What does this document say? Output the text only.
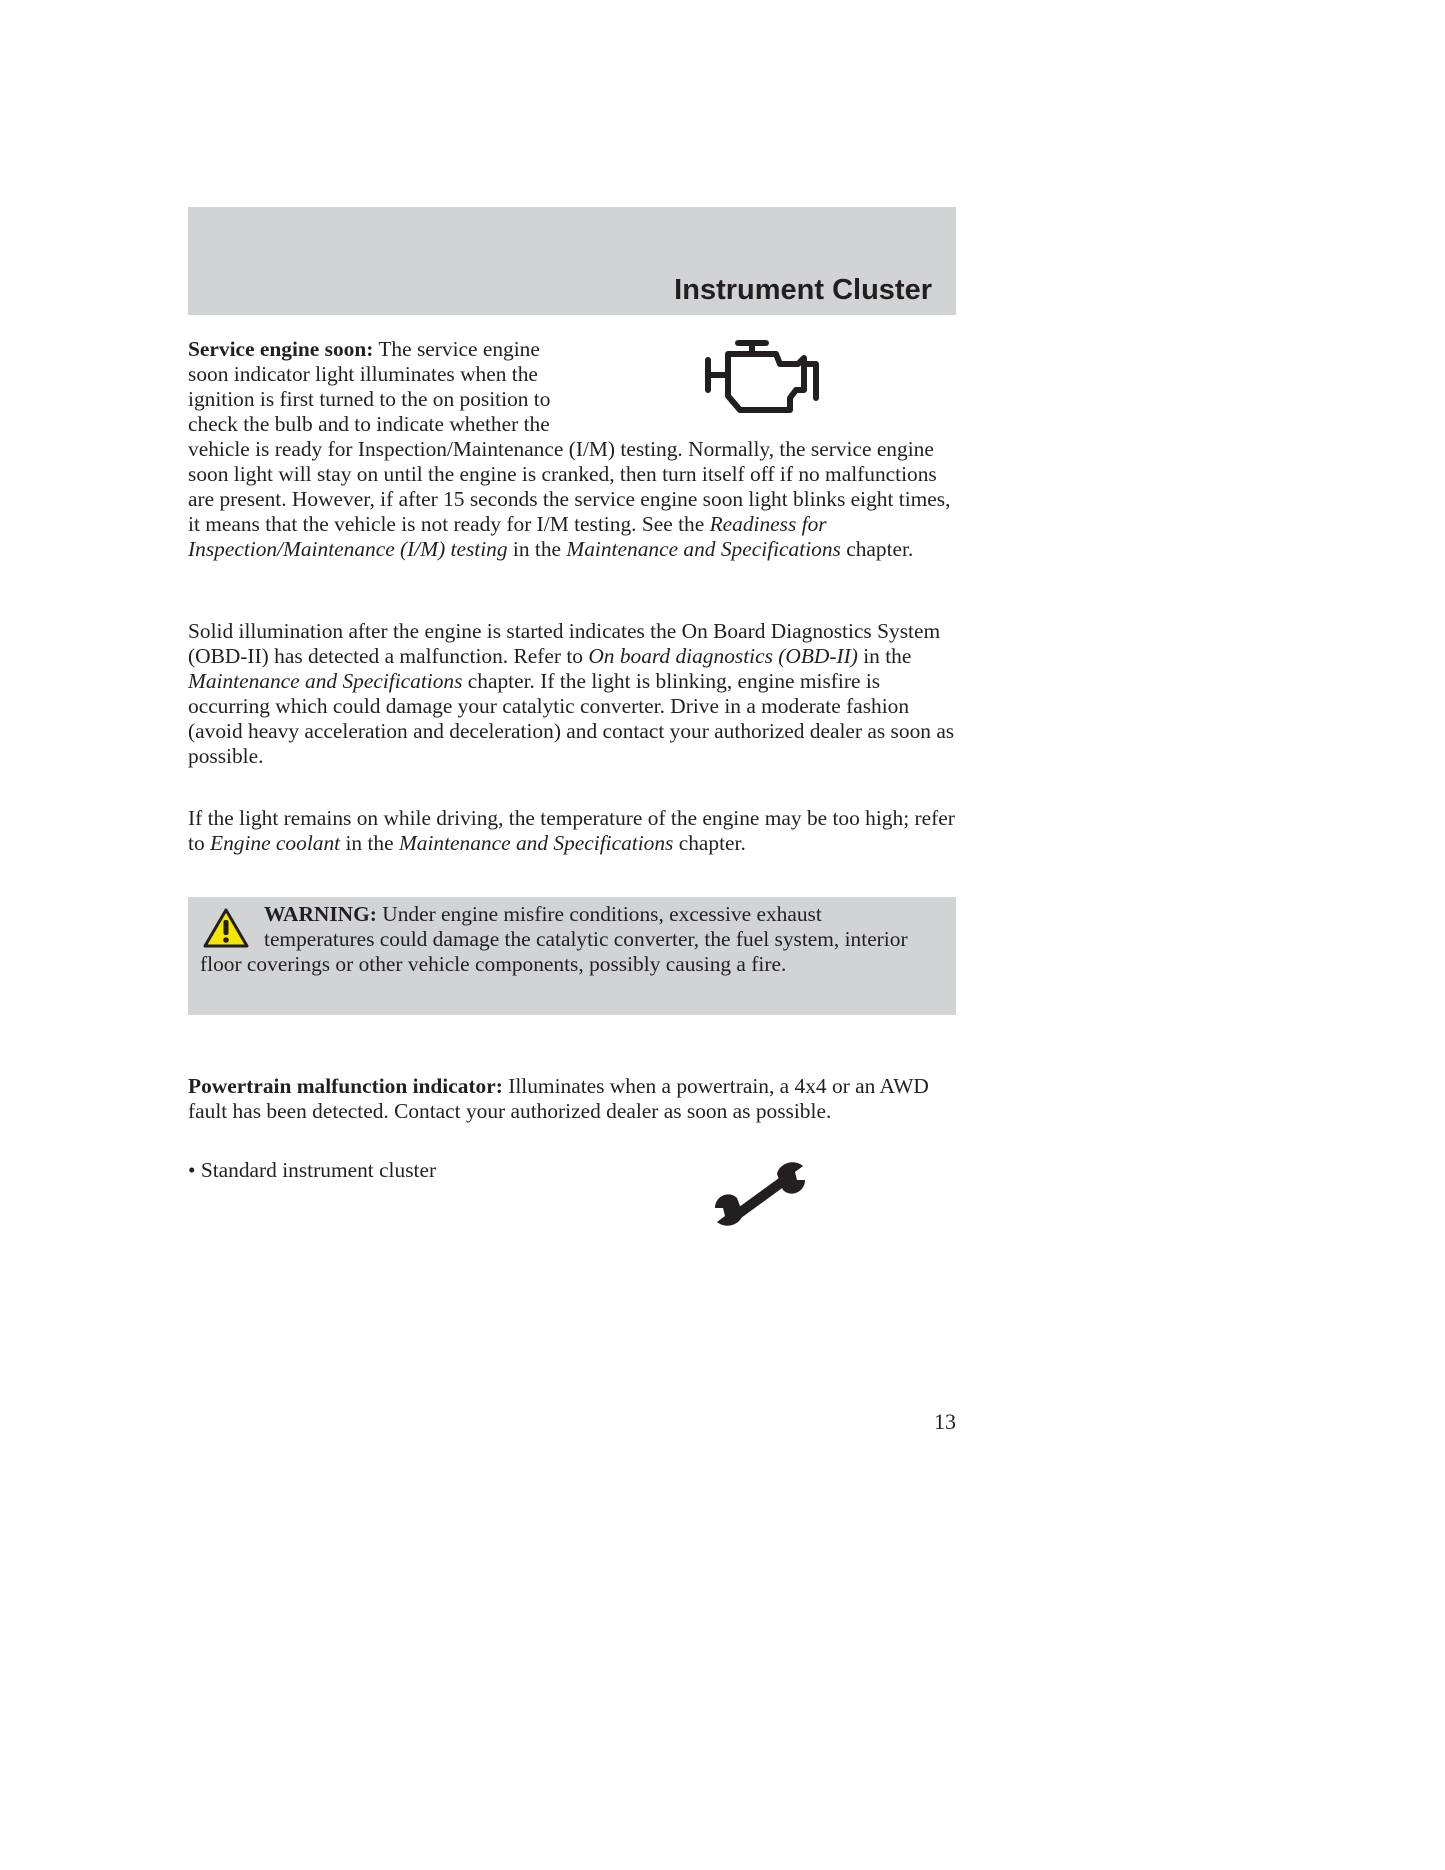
Instrument Cluster

Service engine soon:
The service engine soon indicator light illuminates when the ignition is first turned to the on position to check the bulb and to indicate whether the vehicle is ready for Inspection/Maintenance (I/M) testing. Normally, the service engine soon light will stay on until the engine is cranked, then turn itself off if no malfunctions are present. However, if after 15 seconds the service engine soon light blinks eight times, it means that the vehicle is not ready for I/M testing. See the Readiness for Inspection/Maintenance (I/M) testing in the Maintenance and Specifications chapter.

Solid illumination after the engine is started indicates the On Board Diagnostics System (OBD-II) has detected a malfunction. Refer to On board diagnostics (OBD-II) in the Maintenance and Specifications chapter. If the light is blinking, engine misfire is occurring which could damage your catalytic converter. Drive in a moderate fashion (avoid heavy acceleration and deceleration) and contact your authorized dealer as soon as possible.

If the light remains on while driving, the temperature of the engine may be too high; refer to Engine coolant in the Maintenance and Specifications chapter.

WARNING: Under engine misfire conditions, excessive exhaust
temperatures could damage the catalytic converter, the fuel system, interior floor coverings or other vehicle components, possibly causing a fire.

Powertrain malfunction indicator: Illuminates when a powertrain, a 4x4 or an AWD fault has been detected. Contact your authorized dealer as soon as possible.

• Standard instrument cluster

13
